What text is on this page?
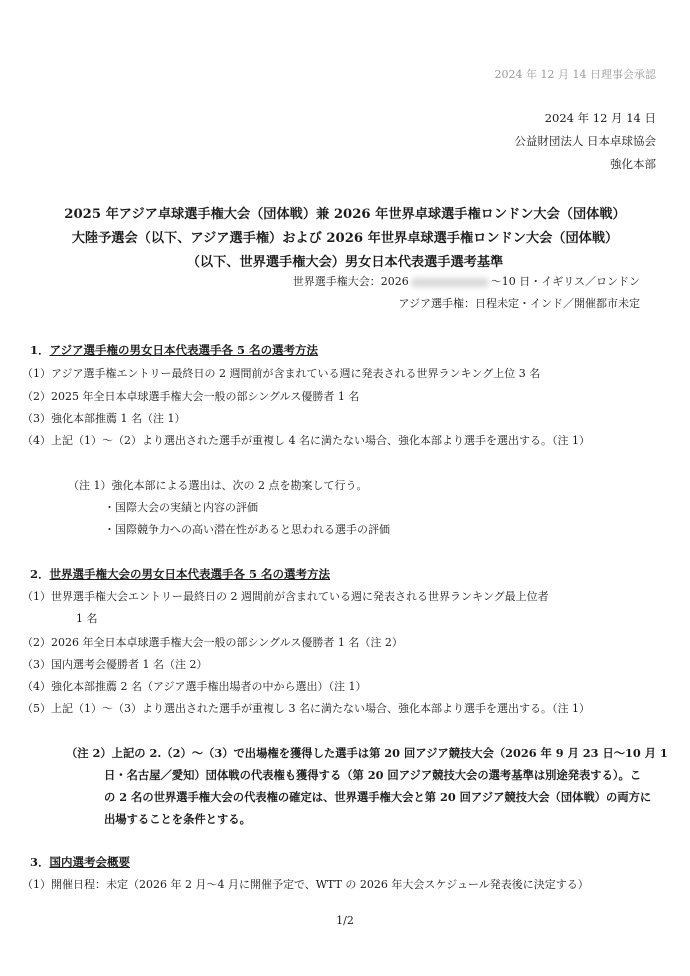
2024 年 12 月 14 日理事会承認
2024 年 12 月 14 日
公益財団法人 日本卓球協会
強化本部
2025 年アジア卓球選手権大会（団体戦）兼 2026 年世界卓球選手権ロンドン大会（団体戦）
大陸予選会（以下、アジア選手権）および 2026 年世界卓球選手権ロンドン大会（団体戦）
（以下、世界選手権大会）男女日本代表選手選考基準
世界選手権大会：2026	～10 日・イギリス／ロンドン
アジア選手権：日程未定・インド／開催都市未定
1．アジア選手権の男女日本代表選手各 5 名の選考方法
（1）アジア選手権エントリー最終日の 2 週間前が含まれている週に発表される世界ランキング上位 3 名
（2）2025 年全日本卓球選手権大会一般の部シングルス優勝者 1 名
（3）強化本部推薦 1 名（注 1）
（4）上記（1）～（2）より選出された選手が重複し 4 名に満たない場合、強化本部より選手を選出する。（注 1）
（注 1）強化本部による選出は、次の 2 点を勘案して行う。
・国際大会の実績と内容の評価
・国際競争力への高い潜在性があると思われる選手の評価
2．世界選手権大会の男女日本代表選手各 5 名の選考方法
（1）世界選手権大会エントリー最終日の 2 週間前が含まれている週に発表される世界ランキング最上位者
1 名
（2）2026 年全日本卓球選手権大会一般の部シングルス優勝者 1 名（注 2）
（3）国内選考会優勝者 1 名（注 2）
（4）強化本部推薦 2 名（アジア選手権出場者の中から選出）（注 1）
（5）上記（1）～（3）より選出された選手が重複し 3 名に満たない場合、強化本部より選手を選出する。（注 1）
（注 2）上記の 2.（2）～（3）で出場権を獲得した選手は第 20 回アジア競技大会（2026 年 9 月 23 日～10 月 1
日・名古屋／愛知）団体戦の代表権も獲得する（第 20 回アジア競技大会の選考基準は別途発表する）。こ
の 2 名の世界選手権大会の代表権の確定は、世界選手権大会と第 20 回アジア競技大会（団体戦）の両方に
出場することを条件とする。
3．国内選考会概要
（1）開催日程：未定（2026 年 2 月～4 月に開催予定で、WTT の 2026 年大会スケジュール発表後に決定する）
1/2
